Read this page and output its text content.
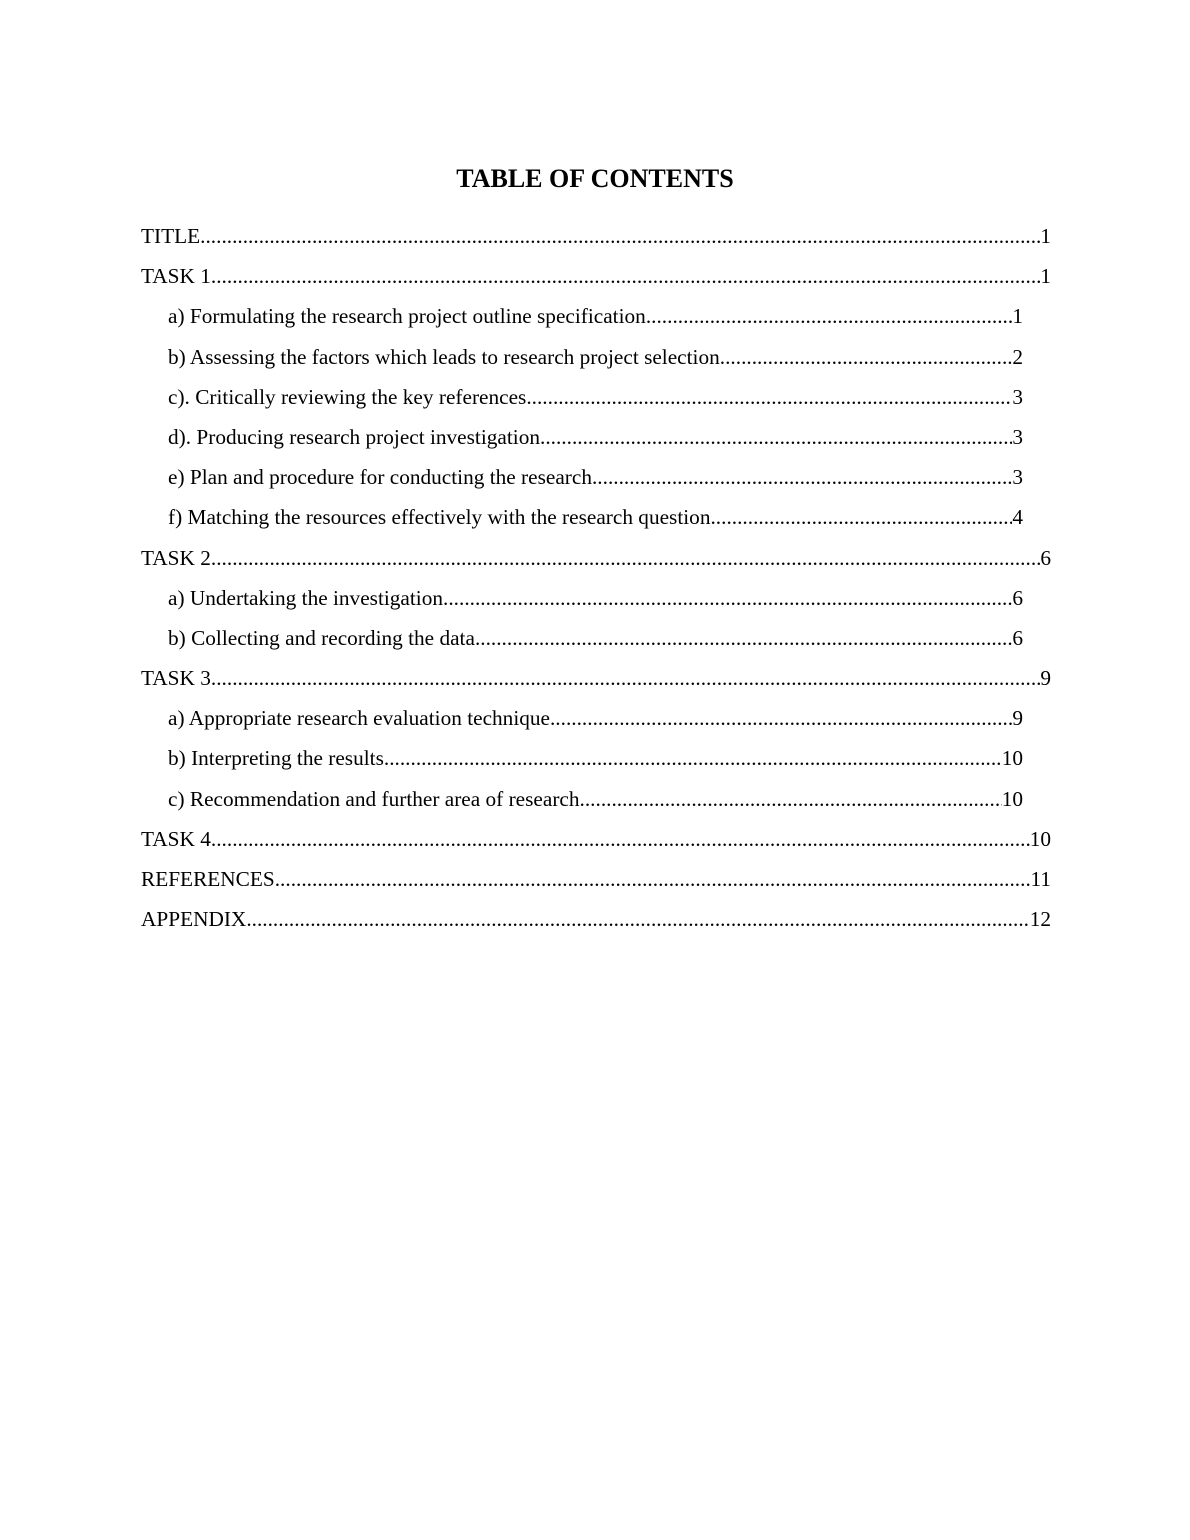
TABLE OF CONTENTS
TITLE .....	1
TASK 1 .....	1
a) Formulating the research project outline specification .....	1
b) Assessing the factors which leads to research project selection .....	2
c). Critically reviewing the key references .....	3
d). Producing research project investigation .....	3
e) Plan and procedure for conducting the research .....	3
f) Matching the resources effectively with the research question .....	4
TASK 2 .....	6
a) Undertaking the investigation .....	6
b) Collecting and recording the data .....	6
TASK 3 .....	9
a) Appropriate research evaluation technique .....	9
b) Interpreting the results .....	10
c) Recommendation and further area of research .....	10
TASK 4 .....	10
REFERENCES .....	11
APPENDIX .....	12
